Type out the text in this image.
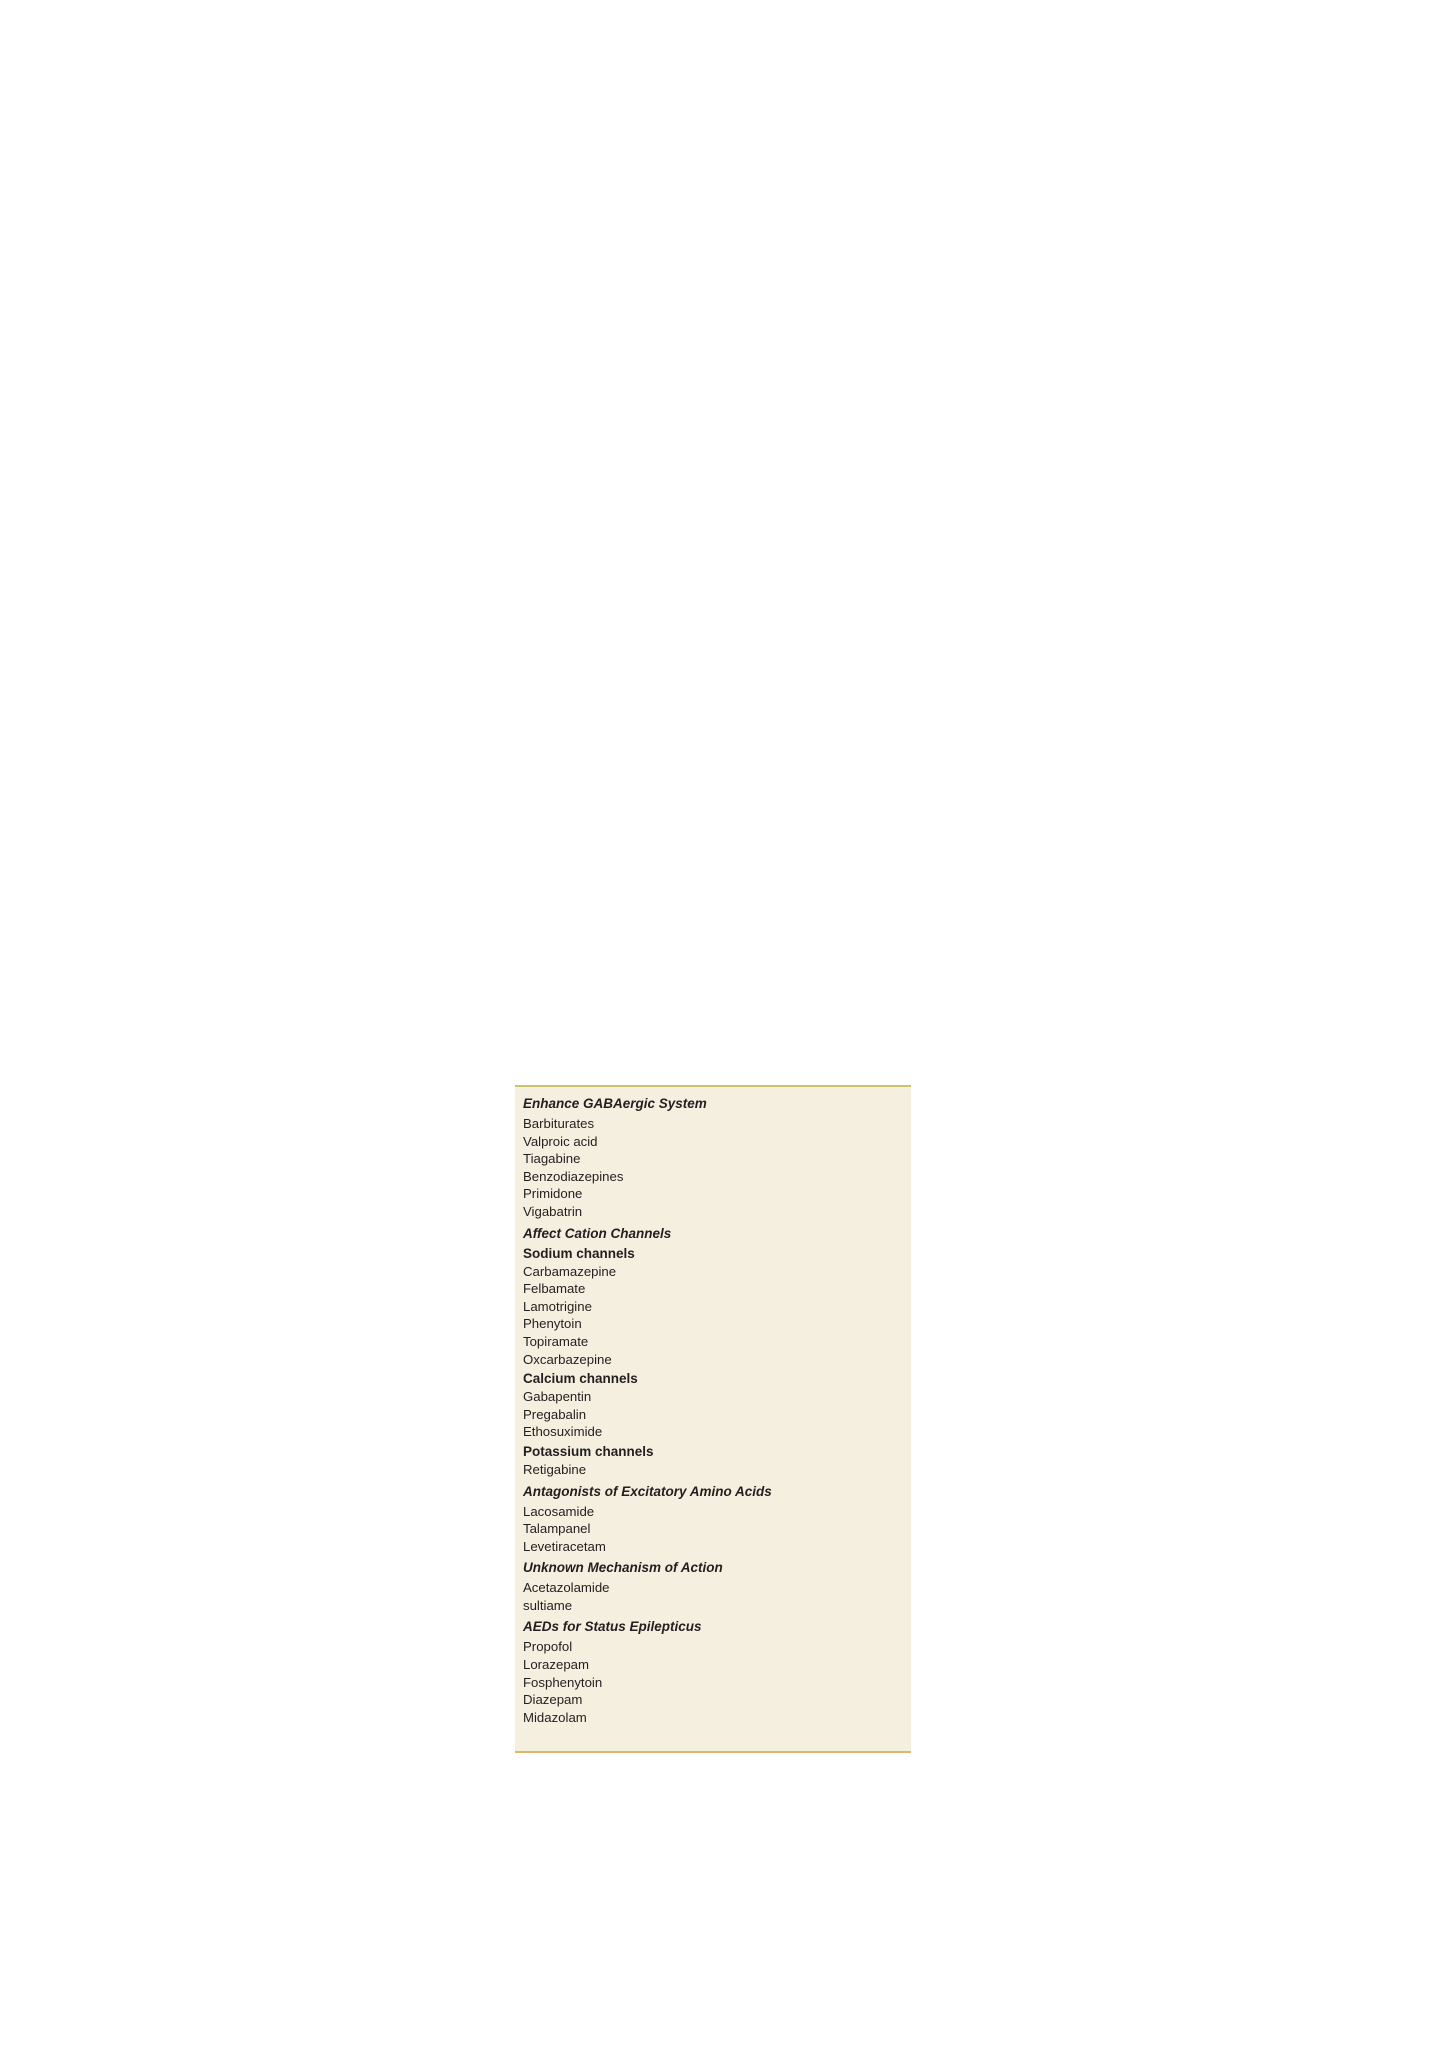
Enhance GABAergic System
Barbiturates
Valproic acid
Tiagabine
Benzodiazepines
Primidone
Vigabatrin
Affect Cation Channels
Sodium channels
Carbamazepine
Felbamate
Lamotrigine
Phenytoin
Topiramate
Oxcarbazepine
Calcium channels
Gabapentin
Pregabalin
Ethosuximide
Potassium channels
Retigabine
Antagonists of Excitatory Amino Acids
Lacosamide
Talampanel
Levetiracetam
Unknown Mechanism of Action
Acetazolamide
sultiame
AEDs for Status Epilepticus
Propofol
Lorazepam
Fosphenytoin
Diazepam
Midazolam
